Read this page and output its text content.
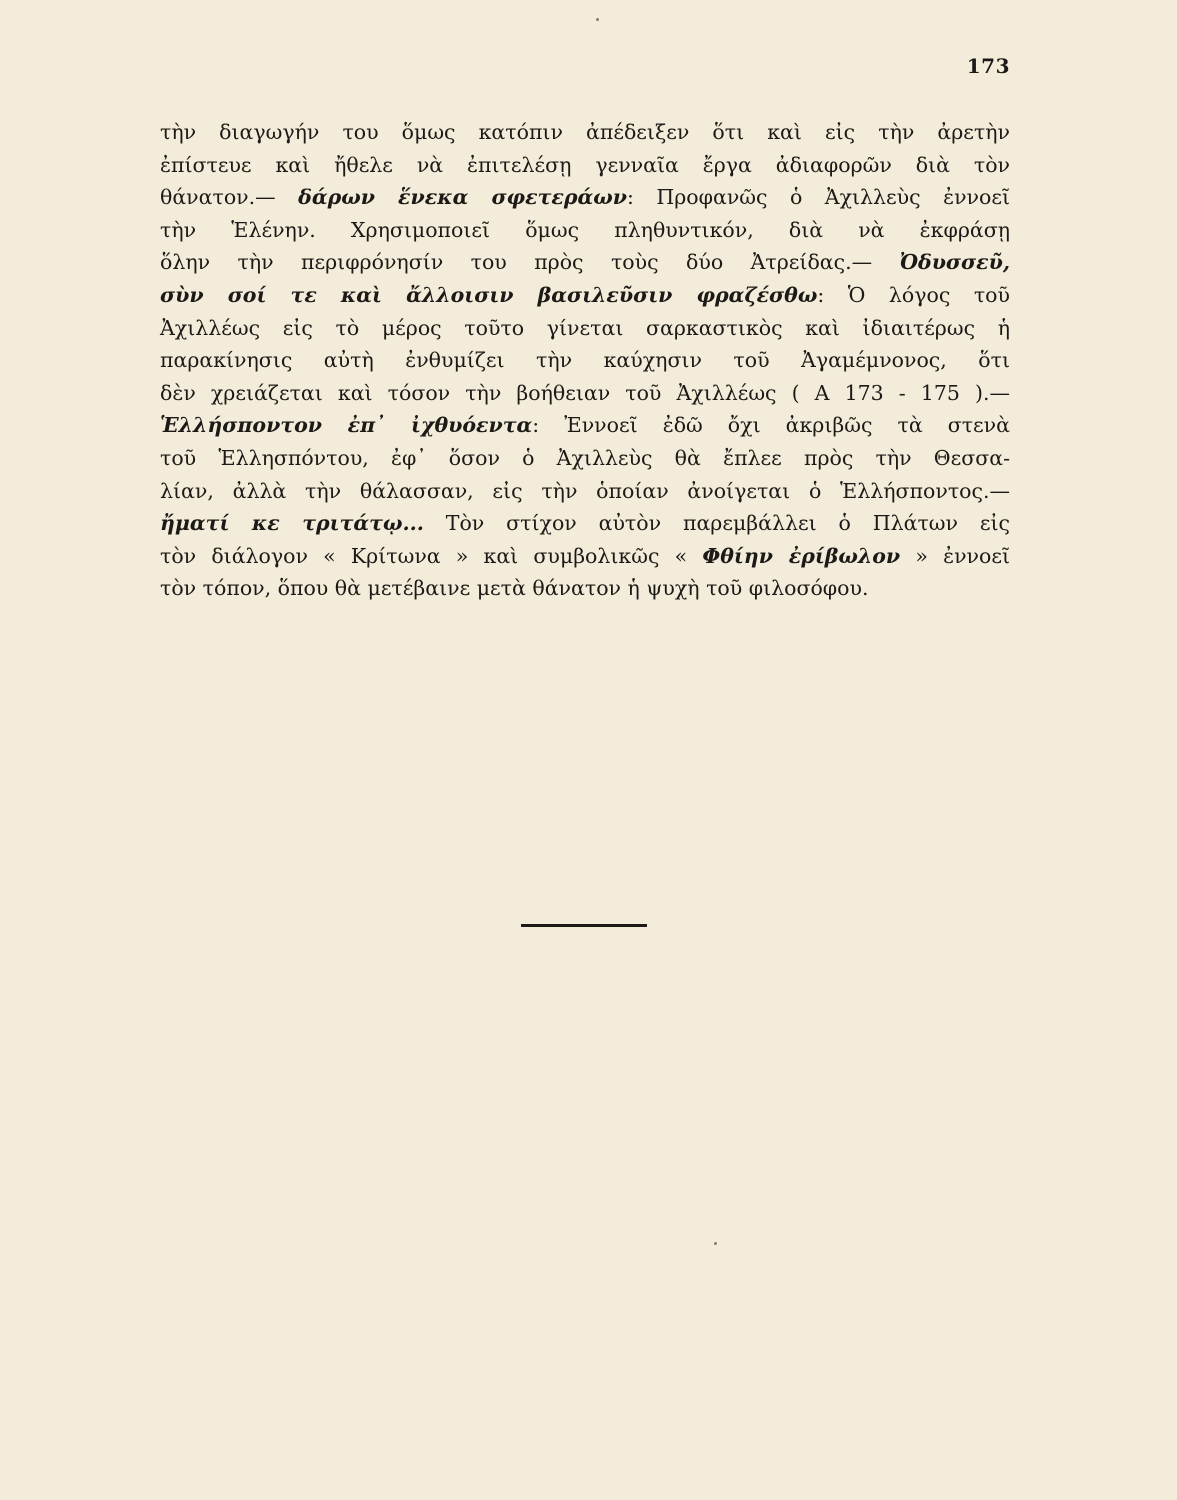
173
τὴν διαγωγήν του ὅμως κατόπιν ἀπέδειξεν ὅτι καὶ εἰς τὴν ἀρετὴν
ἐπίστευε καὶ ἤθελε νὰ ἐπιτελέσῃ γενναῖα ἔργα ἀδιαφορῶν διὰ τὸν
θάνατον.— δάρων ἕνεκα σφετεράων: Προφανῶς ὁ Ἀχιλλεὺς ἐννοεῖ
τὴν Ἑλένην. Χρησιμοποιεῖ ὅμως πληθυντικόν, διὰ νὰ ἐκφράσῃ
ὅλην τὴν περιφρόνησίν του πρὸς τοὺς δύο Ἀτρείδας.— Ὀδυσσεῦ,
σὺν σοί τε καὶ ἄλλοισιν βασιλεῦσιν φραζέσθω: Ὁ λόγος τοῦ
Ἀχιλλέως εἰς τὸ μέρος τοῦτο γίνεται σαρκαστικὸς καὶ ἰδιαιτέρως ἡ
παρακίνησις αὐτὴ ἐνθυμίζει τὴν καύχησιν τοῦ Ἀγαμέμνονος, ὅτι
δὲν χρειάζεται καὶ τόσον τὴν βοήθειαν τοῦ Ἀχιλλέως ( Α 173 - 175 ).—
Ἑλλήσποντον ἐπ᾽ ἰχθυόεντα: Ἐννοεῖ ἐδῶ ὄχι ἀκριβῶς τὰ στενὰ
τοῦ Ἑλλησπόντου, ἐφ᾽ ὅσον ὁ Ἀχιλλεὺς θὰ ἔπλεε πρὸς τὴν Θεσσα-
λίαν, ἀλλὰ τὴν θάλασσαν, εἰς τὴν ὁποίαν ἀνοίγεται ὁ Ἑλλήσποντος.—
ἤματί κε τριτάτῳ... Τὸν στίχον αὐτὸν παρεμβάλλει ὁ Πλάτων εἰς
τὸν διάλογον « Κρίτωνα » καὶ συμβολικῶς « Φθίην ἐρίβωλον » ἐννοεῖ
τὸν τόπον, ὅπου θὰ μετέβαινε μετὰ θάνατον ἡ ψυχὴ τοῦ φιλοσόφου.
